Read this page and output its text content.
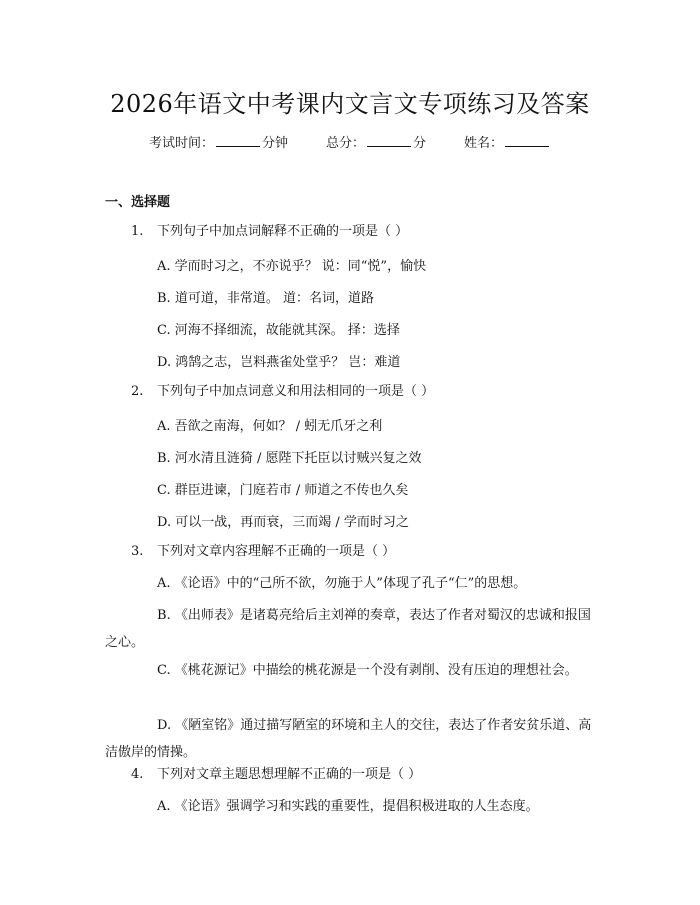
2026年语文中考课内文言文专项练习及答案
考试时间：	分钟	总分：	分	姓名：
一、选择题
1. 下列句子中加点词解释不正确的一项是（ ）
A. 学而时习之，不亦说乎？ 说：同“悦”，愉快
B. 道可道，非常道。 道：名词，道路
C. 河海不择细流，故能就其深。 择：选择
D. 鸿鹄之志，岂料燕雀处堂乎？ 岂：难道
2. 下列句子中加点词意义和用法相同的一项是（ ）
A. 吾欲之南海，何如？ / 蚓无爪牙之利
B. 河水清且涟猗 / 愿陛下托臣以讨贼兴复之效
C. 群臣进谏，门庭若市 / 师道之不传也久矣
D. 可以一战，再而衰，三而竭 / 学而时习之
3. 下列对文章内容理解不正确的一项是（ ）
A. 《论语》中的“己所不欲，勿施于人”体现了孔子“仁”的思想。
B. 《出师表》是诸葛亮给后主刘禅的奏章，表达了作者对蜀汉的忠诚和报国之心。
C. 《桃花源记》中描绘的桃花源是一个没有剥削、没有压迫的理想社会。
D. 《陋室铭》通过描写陋室的环境和主人的交往，表达了作者安贫乐道、高洁傲岸的情操。
4. 下列对文章主题思想理解不正确的一项是（ ）
A. 《论语》强调学习和实践的重要性，提倡积极进取的人生态度。
